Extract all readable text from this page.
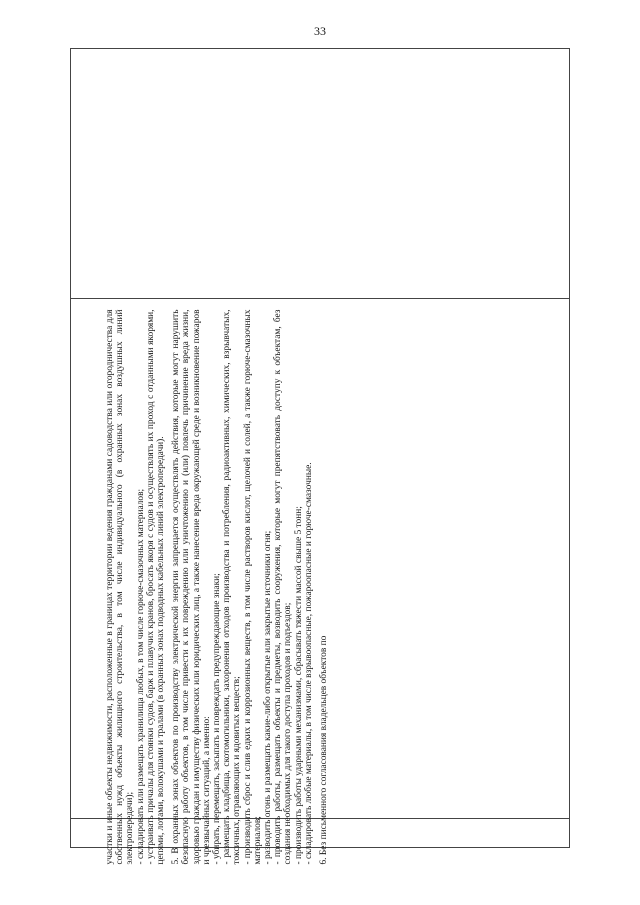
33

участки и иные объекты недвижимости, расположенные в границах территории ведения гражданами садоводства или огородничества для собственных нужд объекты жилищного строительства, в том числе индивидуального (в охранных зонах воздушных линий электропередачи); - складировать или размещать хранилища любых, в том числе горюче-смазочных материалов; - устраивать причалы для стоянки судов, барж и плавучих кранов, бросать якоря с судов и осуществлять их проход с отданными якорями, цепями, лотами, волокушами и тралами (в охранных зонах подводных кабельных линий электропередачи). 5. В охранных зонах объектов по производству электрической энергии запрещается осуществлять действия, которые могут нарушить безопасную работу объектов, в том числе привести к их повреждению или уничтожению и (или) повлечь причинение вреда жизни, здоровью граждан и имуществу физических или юридических лиц, а также нанесение вреда окружающей среде и возникновение пожаров и чрезвычайных ситуаций, а именно: - убирать, перемещать, засыпать и повреждать предупреждающие знаки; - размещать кладбища, скотомогильники, захоронения отходов производства и потребления, радиоактивных, химических, взрывчатых, токсичных, отравляющих и ядовитых веществ; - производить сброс и слив едких и коррозионных веществ, в том числе растворов кислот, щелочей и солей, а также горюче-смазочных материалов; - разводить огонь и размещать какие-либо открытые или закрытые источники огня; - проводить работы, размещать объекты и предметы, возводить сооружения, которые могут препятствовать доступу к объектам, без создания необходимых для такого доступа проходов и подъездов; - производить работы ударными механизмами, сбрасывать тяжести массой свыше 5 тонн; - складировать любые материалы, в том числе взрывоопасные, пожароопасные и горюче-смазочные. 6. Без письменного согласования владельцев объектов по
